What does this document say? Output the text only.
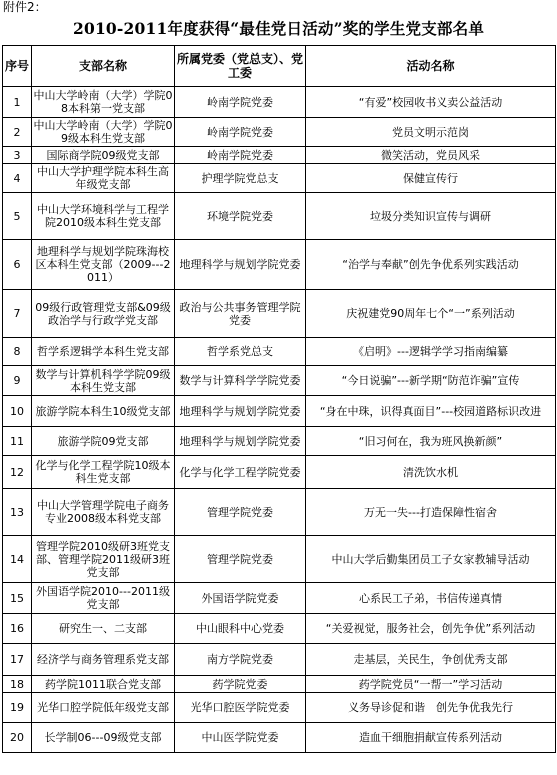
附件2：
2010-2011年度获得“最佳党日活动”奖的学生党支部名单
序号	支部名称	所属党委（党总支）、党工委	活动名称
1	中山大学岭南（大学）学院08本科第一党支部	岭南学院党委	“有爱”校园收书义卖公益活动
2	中山大学岭南（大学）学院09级本科生党支部	岭南学院党委	党员文明示范岗
3	国际商学院09级党支部	岭南学院党委	微笑活动，党员风采
4	中山大学护理学院本科生高年级党支部	护理学院党总支	保健宣传行
5	中山大学环境科学与工程学院2010级本科生党支部	环境学院党委	垃圾分类知识宣传与调研
6	地理科学与规划学院珠海校区本科生党支部（2009---2011）	地理科学与规划学院党委	“治学与奉献”创先争优系列实践活动
7	09级行政管理党支部&09级政治学与行政学党支部	政治与公共事务管理学院党委	庆祝建党90周年七个“一”系列活动
8	哲学系逻辑学本科生党支部	哲学系党总支	《启明》---逻辑学学习指南编纂
9	数学与计算机科学学院09级本科生党支部	数学与计算科学学院党委	“今日说骗”---新学期“防范诈骗”宣传
10	旅游学院本科生10级党支部	地理科学与规划学院党委	“身在中珠，识得真面目”---校园道路标识改进
11	旅游学院09党支部	地理科学与规划学院党委	“旧习何在，我为班风换新颜”
12	化学与化学工程学院10级本科生党支部	化学与化学工程学院党委	清洗饮水机
13	中山大学管理学院电子商务专业2008级本科党支部	管理学院党委	万无一失---打造保障性宿舍
14	管理学院2010级研3班党支部、管理学院2011级研3班党支部	管理学院党委	中山大学后勤集团员工子女家教辅导活动
15	外国语学院2010---2011级党支部	外国语学院党委	心系民工子弟，书信传递真情
16	研究生一、二支部	中山眼科中心党委	“关爱视觉，服务社会，创先争优”系列活动
17	经济学与商务管理系党支部	南方学院党委	走基层，关民生，争创优秀支部
18	药学院1011联合党支部	药学院党委	药学院党员“一帮一”学习活动
19	光华口腔学院低年级党支部	光华口腔医学院党委	义务导诊促和谐　创先争优我先行
20	长学制06---09级党支部	中山医学院党委	造血干细胞捐献宣传系列活动
